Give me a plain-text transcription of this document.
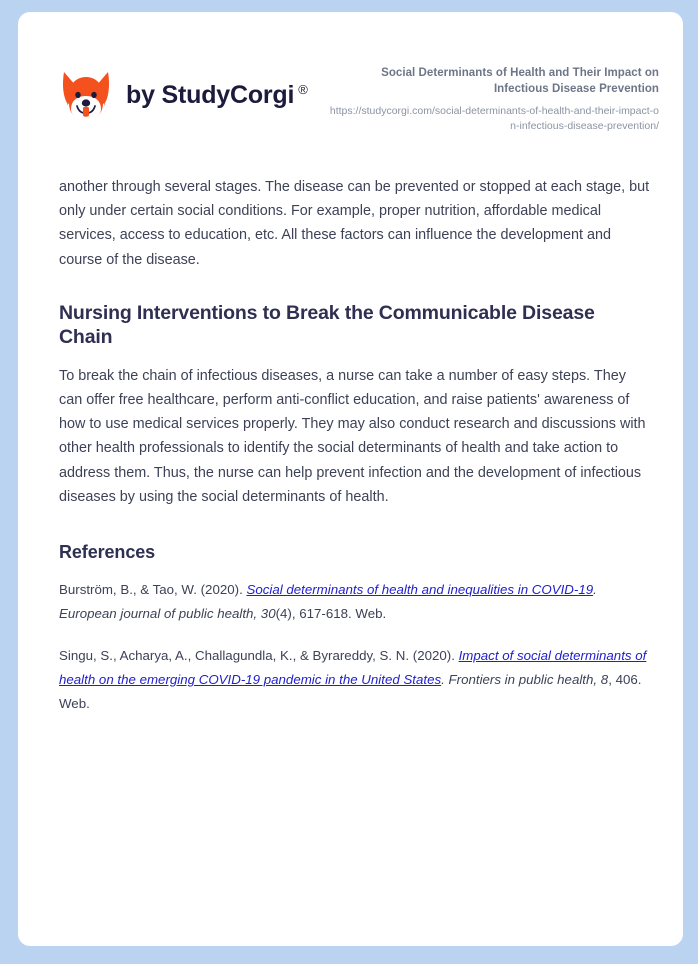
by StudyCorgi ®
Social Determinants of Health and Their Impact on Infectious Disease Prevention
https://studycorgi.com/social-determinants-of-health-and-their-impact-on-infectious-disease-prevention/

another through several stages. The disease can be prevented or stopped at each stage, but only under certain social conditions. For example, proper nutrition, affordable medical services, access to education, etc. All these factors can influence the development and course of the disease.

Nursing Interventions to Break the Communicable Disease Chain

To break the chain of infectious diseases, a nurse can take a number of easy steps. They can offer free healthcare, perform anti-conflict education, and raise patients' awareness of how to use medical services properly. They may also conduct research and discussions with other health professionals to identify the social determinants of health and take action to address them. Thus, the nurse can help prevent infection and the development of infectious diseases by using the social determinants of health.

References

Burström, B., & Tao, W. (2020). Social determinants of health and inequalities in COVID-19. European journal of public health, 30(4), 617-618. Web.

Singu, S., Acharya, A., Challagundla, K., & Byrareddy, S. N. (2020). Impact of social determinants of health on the emerging COVID-19 pandemic in the United States. Frontiers in public health, 8, 406. Web.
